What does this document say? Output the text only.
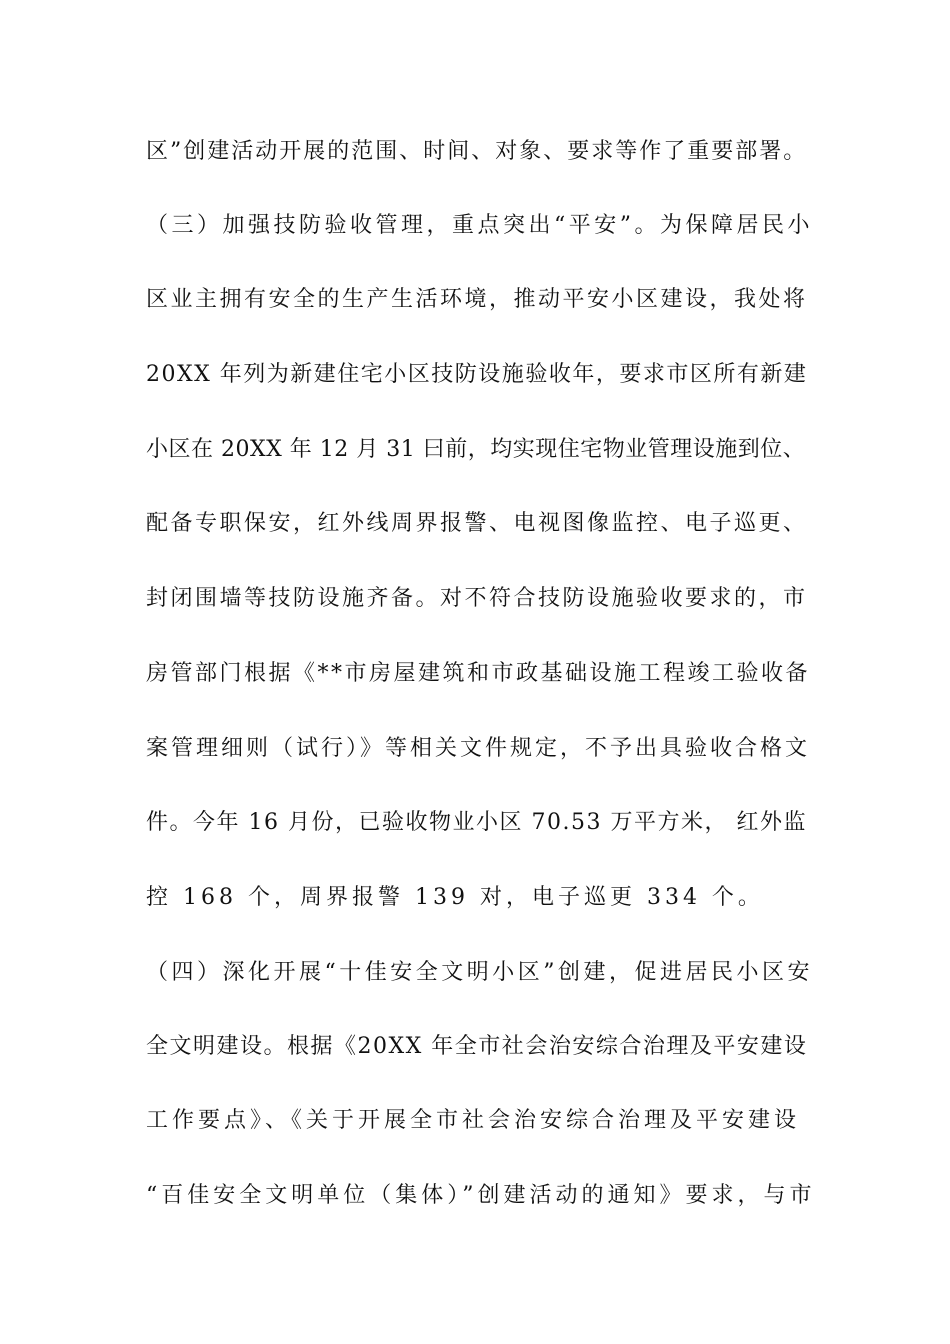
区”创建活动开展的范围、时间、对象、要求等作了重要部署。
（三）加强技防验收管理，重点突出“平安”。为保障居民小
区业主拥有安全的生产生活环境，推动平安小区建设，我处将
20XX 年列为新建住宅小区技防设施验收年，要求市区所有新建
小区在 20XX 年 12 月 31 曰前，均实现住宅物业管理设施到位、
配备专职保安，红外线周界报警、电视图像监控、电子巡更、
封闭围墙等技防设施齐备。对不符合技防设施验收要求的，市
房管部门根据《**市房屋建筑和市政基础设施工程竣工验收备
案管理细则（试行）》等相关文件规定，不予出具验收合格文
件。今年 16 月份，已验收物业小区 70.53 万平方米， 红外监
控 168 个，周界报警 139 对，电子巡更 334 个。
（四）深化开展“十佳安全文明小区”创建，促进居民小区安
全文明建设。根据《20XX 年全市社会治安综合治理及平安建设
工作要点》、《关于开展全市社会治安综合治理及平安建设
“百佳安全文明单位（集体）”创建活动的通知》要求，与市
